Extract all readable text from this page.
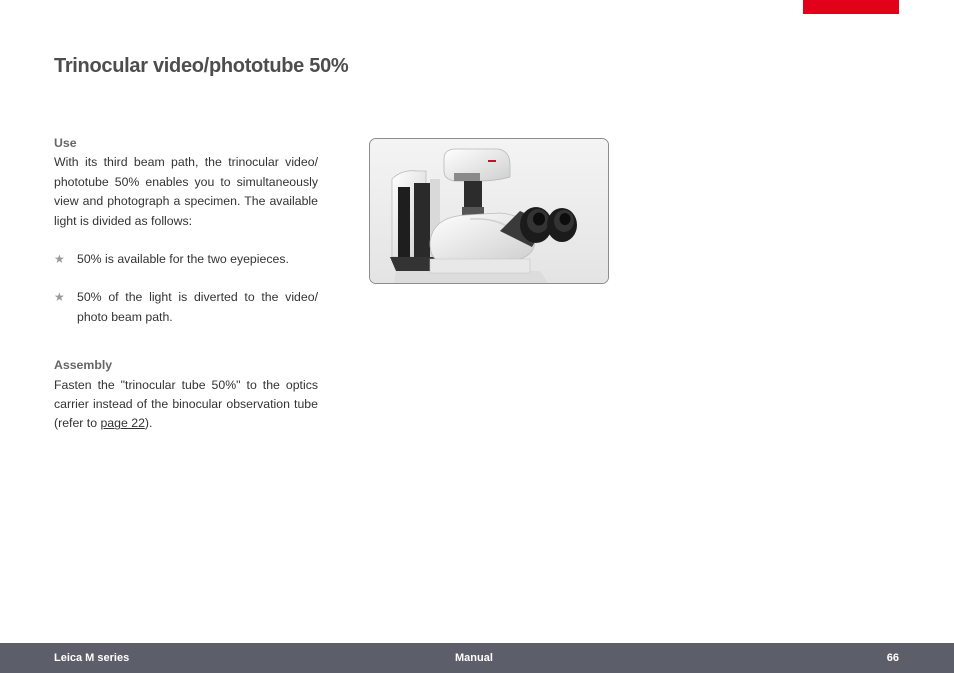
Trinocular video/phototube 50%

Use

With its third beam path, the trinocular video/ phototube 50% enables you to simultaneously view and photograph a specimen. The available light is divided as follows:

★ 50% is available for the two eyepieces.
★ 50% of the light is diverted to the video/ photo beam path.

Assembly

Fasten the "trinocular tube 50%" to the optics carrier instead of the binocular observation tube (refer to page 22).

Leica M series	Manual	66
